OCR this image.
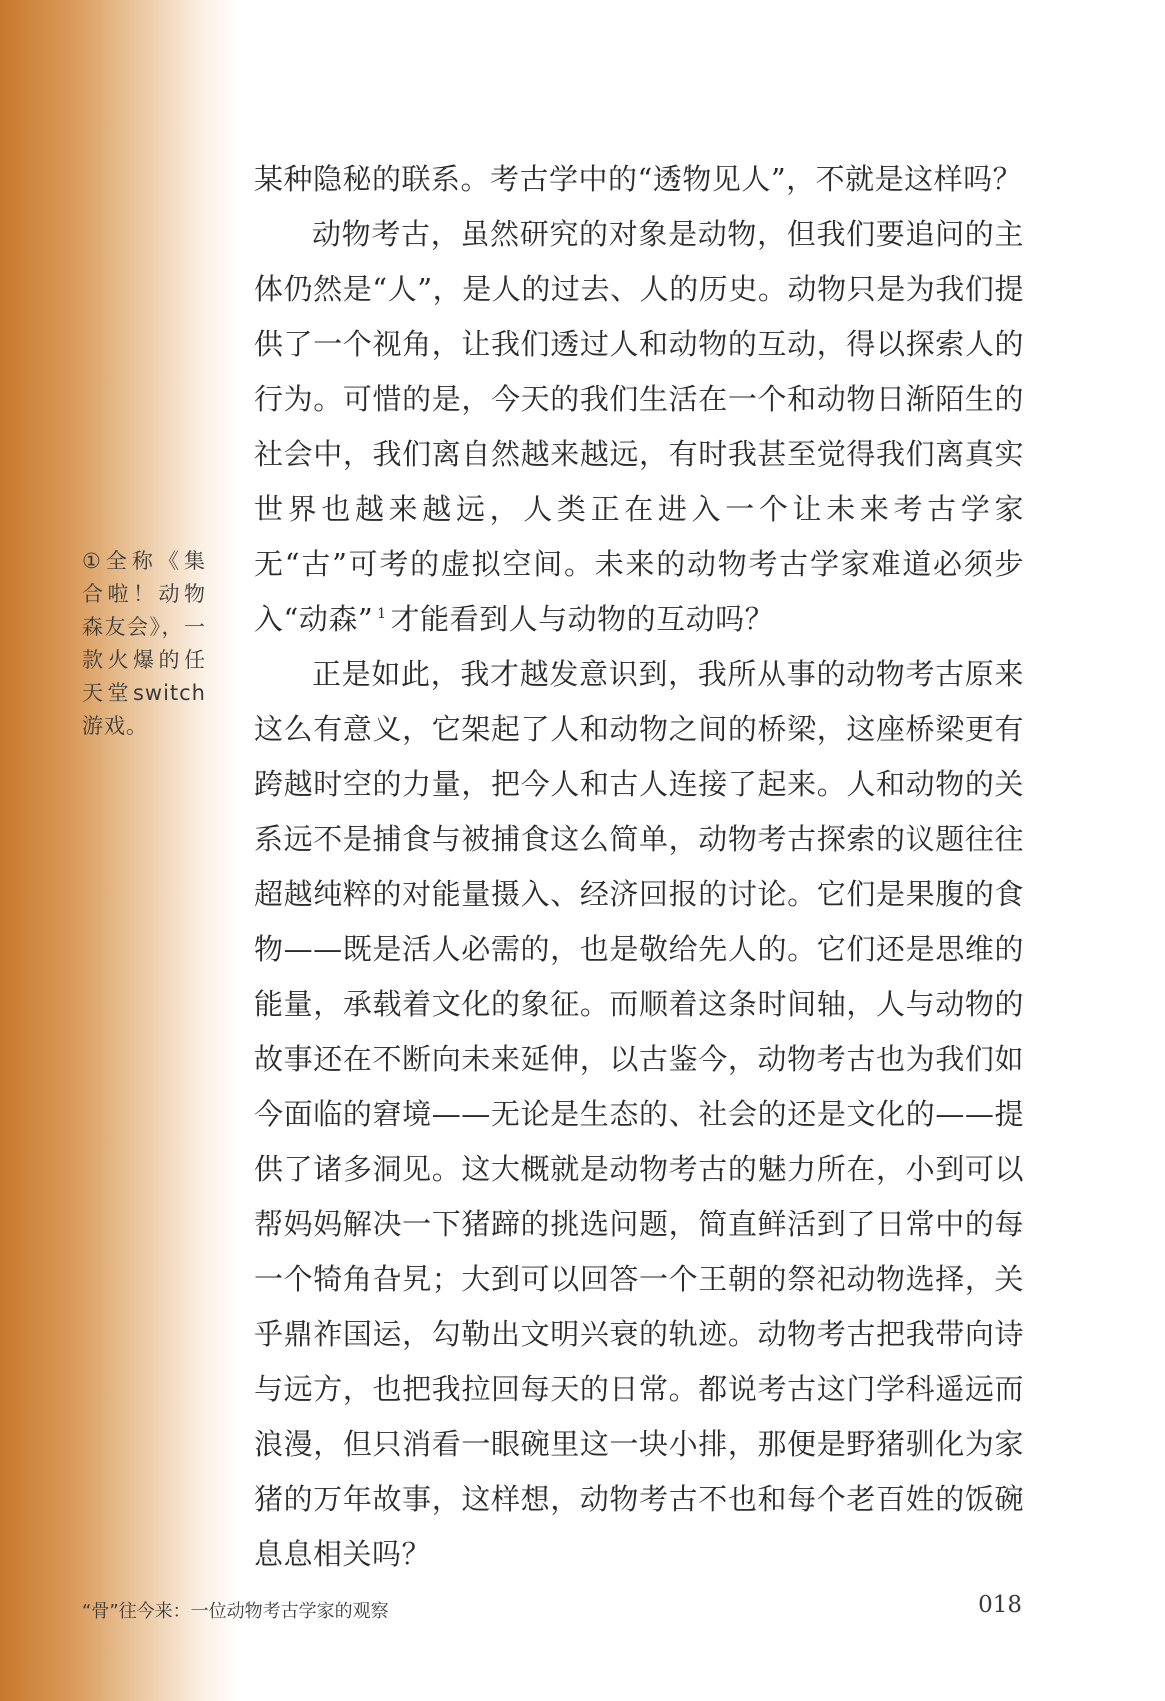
某种隐秘的联系。考古学中的“透物见人”，不就是这样吗？

动物考古，虽然研究的对象是动物，但我们要追问的主体仍然是“人”，是人的过去、人的历史。动物只是为我们提供了一个视角，让我们透过人和动物的互动，得以探索人的行为。可惜的是，今天的我们生活在一个和动物日渐陌生的社会中，我们离自然越来越远，有时我甚至觉得我们离真实世界也越来越远，人类正在进入一个让未来考古学家无“古”可考的虚拟空间。未来的动物考古学家难道必须步入“动森” $^1$ 才能看到人与动物的互动吗？

正是如此，我才越发意识到，我所从事的动物考古原来这么有意义，它架起了人和动物之间的桥梁，这座桥梁更有跨越时空的力量，把今人和古人连接了起来。人和动物的关系远不是捕食与被捕食这么简单，动物考古探索的议题往往超越纯粹的对能量摄入、经济回报的讨论。它们是果腹的食物——既是活人必需的，也是敬给先人的。它们还是思维的能量，承载着文化的象征。而顺着这条时间轴，人与动物的故事还在不断向未来延伸，以古鉴今，动物考古也为我们如今面临的窘境——无论是生态的、社会的还是文化的——提供了诸多洞见。这大概就是动物考古的魅力所在，小到可以帮妈妈解决一下猪蹄的挑选问题，简直鲜活到了日常中的每一个犄角旮旯；大到可以回答一个王朝的祭祀动物选择，关乎鼎祚国运，勾勒出文明兴衰的轨迹。动物考古把我带向诗与远方，也把我拉回每天的日常。都说考古这门学科遥远而浪漫，但只消看一眼碗里这一块小排，那便是野猪驯化为家猪的万年故事，这样想，动物考古不也和每个老百姓的饭碗息息相关吗？

①全称《集合啦！动物森友会》，一款火爆的任天堂switch游戏。
“骨”往今来：一位动物考古学家的观察	018
